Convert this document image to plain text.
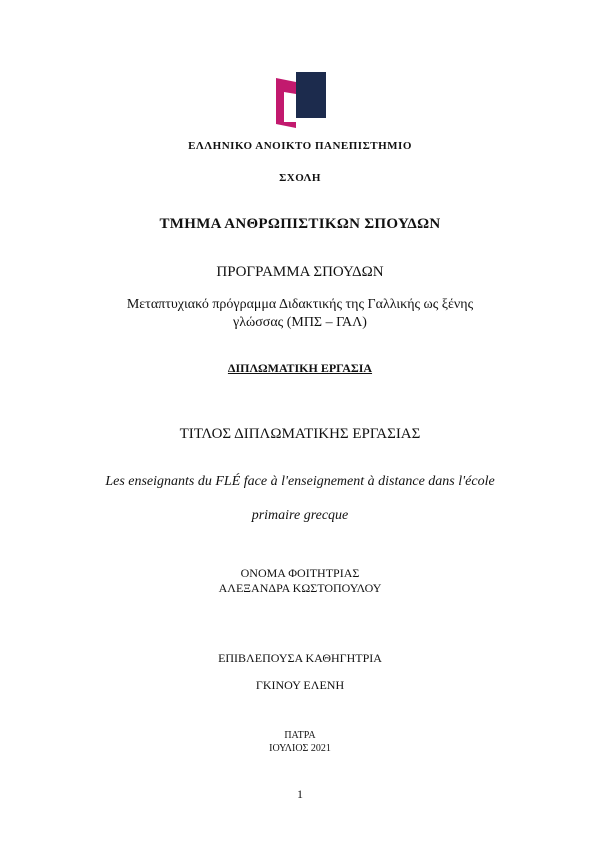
ΕΛΛΗΝΙΚΟ ΑΝΟΙΚΤΟ ΠΑΝΕΠΙΣΤΗΜΙΟ
ΣΧΟΛΗ
ΤΜΗΜΑ ΑΝΘΡΩΠΙΣΤΙΚΩΝ ΣΠΟΥΔΩΝ
ΠΡΟΓΡΑΜΜΑ ΣΠΟΥΔΩΝ
Μεταπτυχιακό πρόγραμμα Διδακτικής της Γαλλικής ως ξένης
γλώσσας (ΜΠΣ – ΓΑΛ)
ΔΙΠΛΩΜΑΤΙΚΗ ΕΡΓΑΣΙΑ
ΤΙΤΛΟΣ ΔΙΠΛΩΜΑΤΙΚΗΣ ΕΡΓΑΣΙΑΣ
Les enseignants du FLÉ face à l'enseignement à distance dans l'école
primaire grecque
ΟΝΟΜΑ ΦΟΙΤΗΤΡΙΑΣ
ΑΛΕΞΑΝΔΡΑ ΚΩΣΤΟΠΟΥΛΟΥ
ΕΠΙΒΛΕΠΟΥΣΑ ΚΑΘΗΓΗΤΡΙΑ
ΓΚΙΝΟΥ ΕΛΕΝΗ
ΠΑΤΡΑ
ΙΟΥΛΙΟΣ 2021
1
